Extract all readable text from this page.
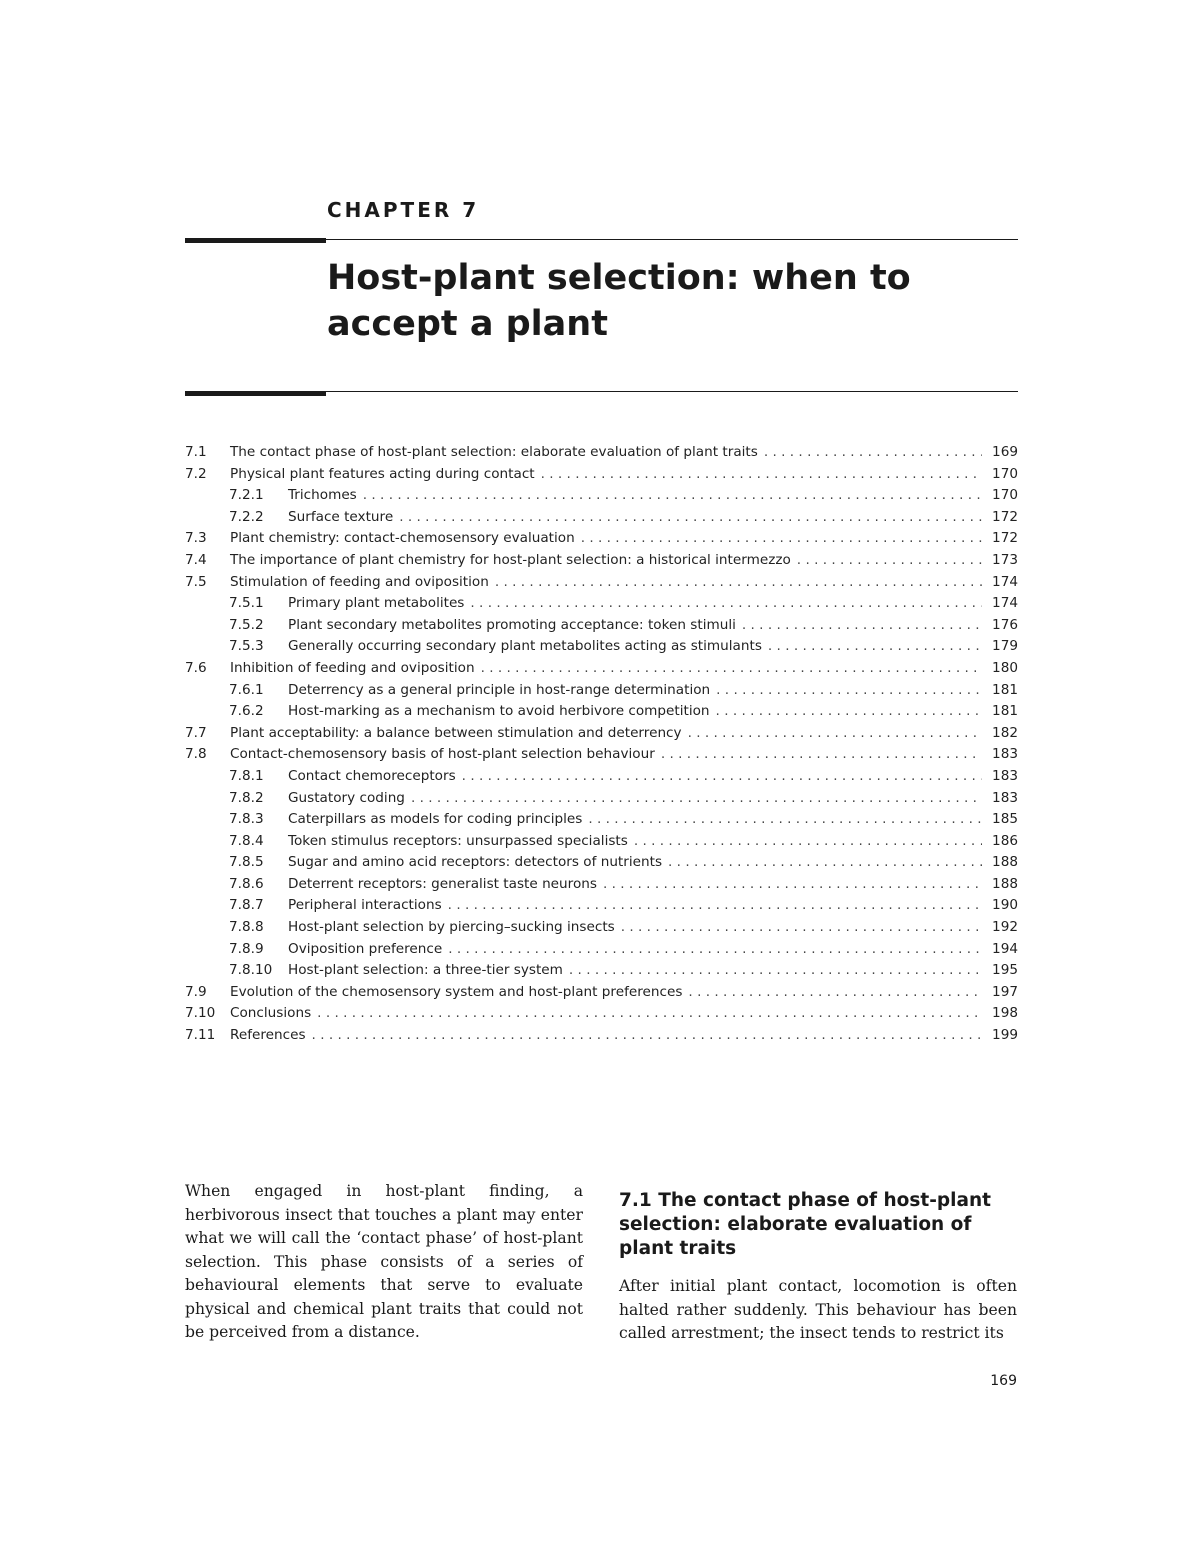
CHAPTER 7
Host-plant selection: when to
accept a plant
7.1	The contact phase of host-plant selection: elaborate evaluation of plant traits . . .	169
7.2	Physical plant features acting during contact . . .	170
7.2.1	Trichomes . . .	170
7.2.2	Surface texture . . .	172
7.3	Plant chemistry: contact-chemosensory evaluation . . .	172
7.4	The importance of plant chemistry for host-plant selection: a historical intermezzo . . .	173
7.5	Stimulation of feeding and oviposition . . .	174
7.5.1	Primary plant metabolites . . .	174
7.5.2	Plant secondary metabolites promoting acceptance: token stimuli . . .	176
7.5.3	Generally occurring secondary plant metabolites acting as stimulants . . .	179
7.6	Inhibition of feeding and oviposition . . .	180
7.6.1	Deterrency as a general principle in host-range determination . . .	181
7.6.2	Host-marking as a mechanism to avoid herbivore competition . . .	181
7.7	Plant acceptability: a balance between stimulation and deterrency . . .	182
7.8	Contact-chemosensory basis of host-plant selection behaviour . . .	183
7.8.1	Contact chemoreceptors . . .	183
7.8.2	Gustatory coding . . .	183
7.8.3	Caterpillars as models for coding principles . . .	185
7.8.4	Token stimulus receptors: unsurpassed specialists . . .	186
7.8.5	Sugar and amino acid receptors: detectors of nutrients . . .	188
7.8.6	Deterrent receptors: generalist taste neurons . . .	188
7.8.7	Peripheral interactions . . .	190
7.8.8	Host-plant selection by piercing–sucking insects . . .	192
7.8.9	Oviposition preference . . .	194
7.8.10	Host-plant selection: a three-tier system . . .	195
7.9	Evolution of the chemosensory system and host-plant preferences . . .	197
7.10	Conclusions . . .	198
7.11	References . . .	199

When engaged in host-plant finding, a herbivorous insect that touches a plant may enter what we will call the ‘contact phase’ of host-plant selection. This phase consists of a series of behavioural elements that serve to evaluate physical and chemical plant traits that could not be perceived from a distance.

7.1 The contact phase of host-plant selection: elaborate evaluation of plant traits

After initial plant contact, locomotion is often halted rather suddenly. This behaviour has been called arrestment; the insect tends to restrict its

169
